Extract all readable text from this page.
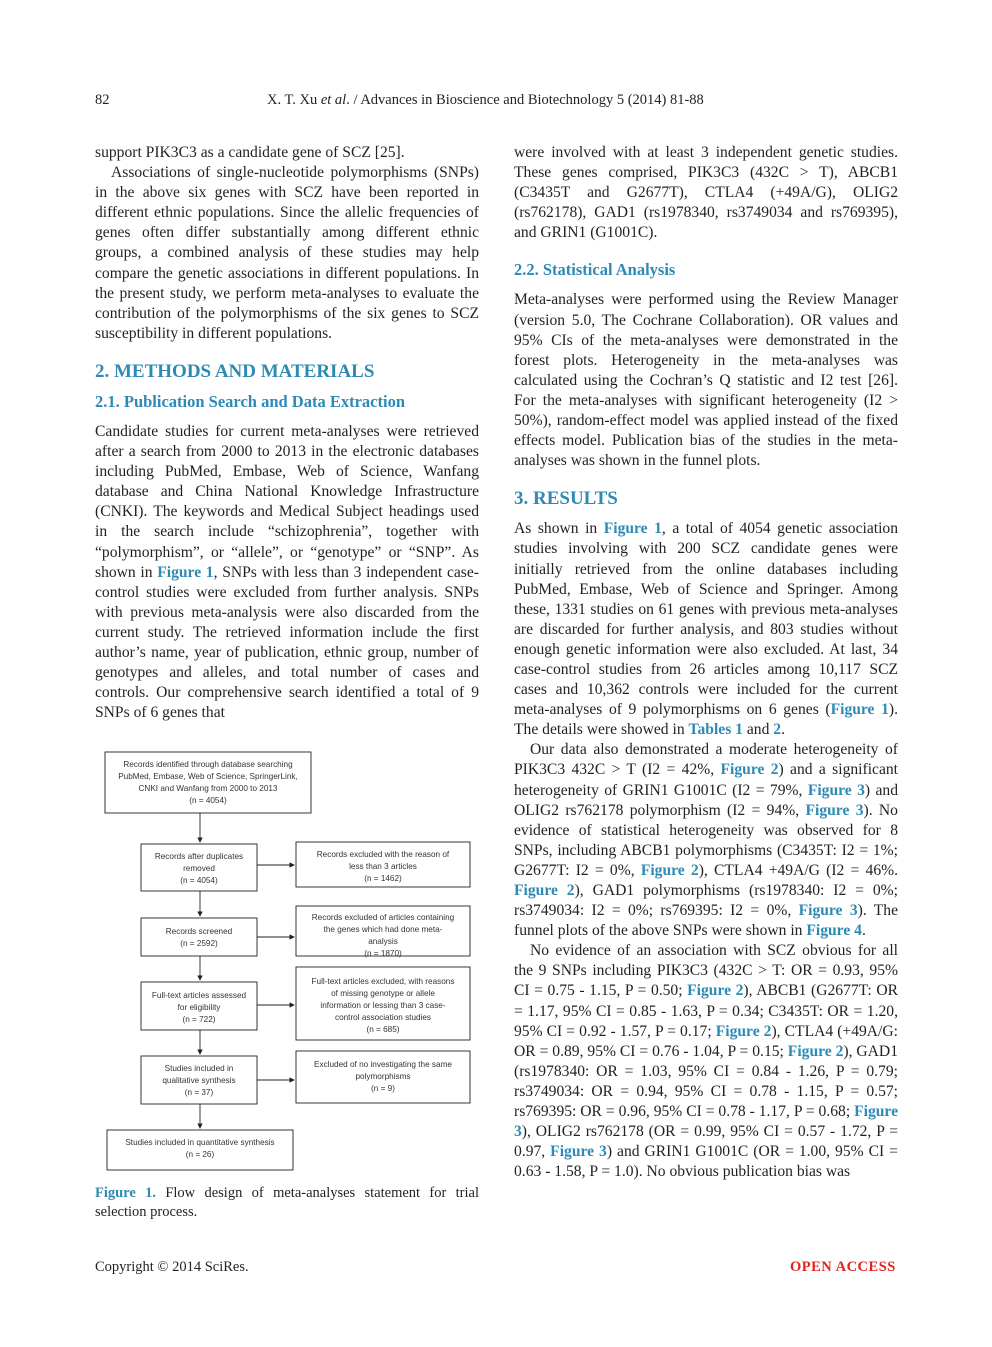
82	X. T. Xu et al. / Advances in Bioscience and Biotechnology 5 (2014) 81-88

support PIK3C3 as a candidate gene of SCZ [25].

Associations of single-nucleotide polymorphisms (SNPs) in the above six genes with SCZ have been reported in different ethnic populations. Since the allelic frequencies of genes often differ substantially among different ethnic groups, a combined analysis of these studies may help compare the genetic associations in different populations. In the present study, we perform meta-analyses to evaluate the contribution of the polymorphisms of the six genes to SCZ susceptibility in different populations.

2. METHODS AND MATERIALS
2.1. Publication Search and Data Extraction

Candidate studies for current meta-analyses were retrieved after a search from 2000 to 2013 in the electronic databases including PubMed, Embase, Web of Science, Wanfang database and China National Knowledge Infrastructure (CNKI). The keywords and Medical Subject headings used in the search include “schizophrenia”, together with “polymorphism”, or “allele”, or “genotype” or “SNP”. As shown in Figure 1, SNPs with less than 3 independent case-control studies were excluded from further analysis. SNPs with previous meta-analysis were also discarded from the current study. The retrieved information include the first author’s name, year of publication, ethnic group, number of genotypes and alleles, and total number of cases and controls. Our comprehensive search identified a total of 9 SNPs of 6 genes that

Records identified through database searching
PubMed, Embase, Web of Science, SpringerLink,
CNKI and Wanfang from 2000 to 2013
(n = 4054)
Records after duplicates
removed
(n = 4054)
Records screened
(n = 2592)
Full-text articles assessed
for eligibility
(n = 722)
Studies included in
qualitative synthesis
(n = 37)
Studies included in quantitative synthesis
(n = 26)
Records excluded with the reason of
less than 3 articles
(n = 1462)
Records excluded of articles containing
the genes which had done meta-
analysis
(n = 1870)
Full-text articles excluded, with reasons
of missing genotype or allele
information or lessing than 3 case-
control association studies
(n = 685)
Excluded of no investigating the same
polymorphisms
(n = 9)
Figure 1. Flow design of meta-analyses statement for trial selection process.

were involved with at least 3 independent genetic studies. These genes comprised, PIK3C3 (432C > T), ABCB1 (C3435T and G2677T), CTLA4 (+49A/G), OLIG2 (rs762178), GAD1 (rs1978340, rs3749034 and rs769395), and GRIN1 (G1001C).

2.2. Statistical Analysis

Meta-analyses were performed using the Review Manager (version 5.0, The Cochrane Collaboration). OR values and 95% CIs of the meta-analyses were demonstrated in the forest plots. Heterogeneity in the meta-analyses was calculated using the Cochran’s Q statistic and I2 test [26]. For the meta-analyses with significant heterogeneity (I2 > 50%), random-effect model was applied instead of the fixed effects model. Publication bias of the studies in the meta-analyses was shown in the funnel plots.

3. RESULTS

As shown in Figure 1, a total of 4054 genetic association studies involving with 200 SCZ candidate genes were initially retrieved from the online databases including PubMed, Embase, Web of Science and Springer. Among these, 1331 studies on 61 genes with previous meta-analyses are discarded for further analysis, and 803 studies without enough genetic information were also excluded. At last, 34 case-control studies from 26 articles among 10,117 SCZ cases and 10,362 controls were included for the current meta-analyses of 9 polymorphisms on 6 genes (Figure 1). The details were showed in Tables 1 and 2.

Our data also demonstrated a moderate heterogeneity of PIK3C3 432C > T (I2 = 42%, Figure 2) and a significant heterogeneity of GRIN1 G1001C (I2 = 79%, Figure 3) and OLIG2 rs762178 polymorphism (I2 = 94%, Figure 3). No evidence of statistical heterogeneity was observed for 8 SNPs, including ABCB1 polymorphisms (C3435T: I2 = 1%; G2677T: I2 = 0%, Figure 2), CTLA4 +49A/G (I2 = 46%. Figure 2), GAD1 polymorphisms (rs1978340: I2 = 0%; rs3749034: I2 = 0%; rs769395: I2 = 0%, Figure 3). The funnel plots of the above SNPs were shown in Figure 4.

No evidence of an association with SCZ obvious for all the 9 SNPs including PIK3C3 (432C > T: OR = 0.93, 95% CI = 0.75 - 1.15, P = 0.50; Figure 2), ABCB1 (G2677T: OR = 1.17, 95% CI = 0.85 - 1.63, P = 0.34; C3435T: OR = 1.20, 95% CI = 0.92 - 1.57, P = 0.17; Figure 2), CTLA4 (+49A/G: OR = 0.89, 95% CI = 0.76 - 1.04, P = 0.15; Figure 2), GAD1 (rs1978340: OR = 1.03, 95% CI = 0.84 - 1.26, P = 0.79; rs3749034: OR = 0.94, 95% CI = 0.78 - 1.15, P = 0.57; rs769395: OR = 0.96, 95% CI = 0.78 - 1.17, P = 0.68; Figure 3), OLIG2 rs762178 (OR = 0.99, 95% CI = 0.57 - 1.72, P = 0.97, Figure 3) and GRIN1 G1001C (OR = 1.00, 95% CI = 0.63 - 1.58, P = 1.0). No obvious publication bias was

Copyright © 2014 SciRes.	OPEN ACCESS
